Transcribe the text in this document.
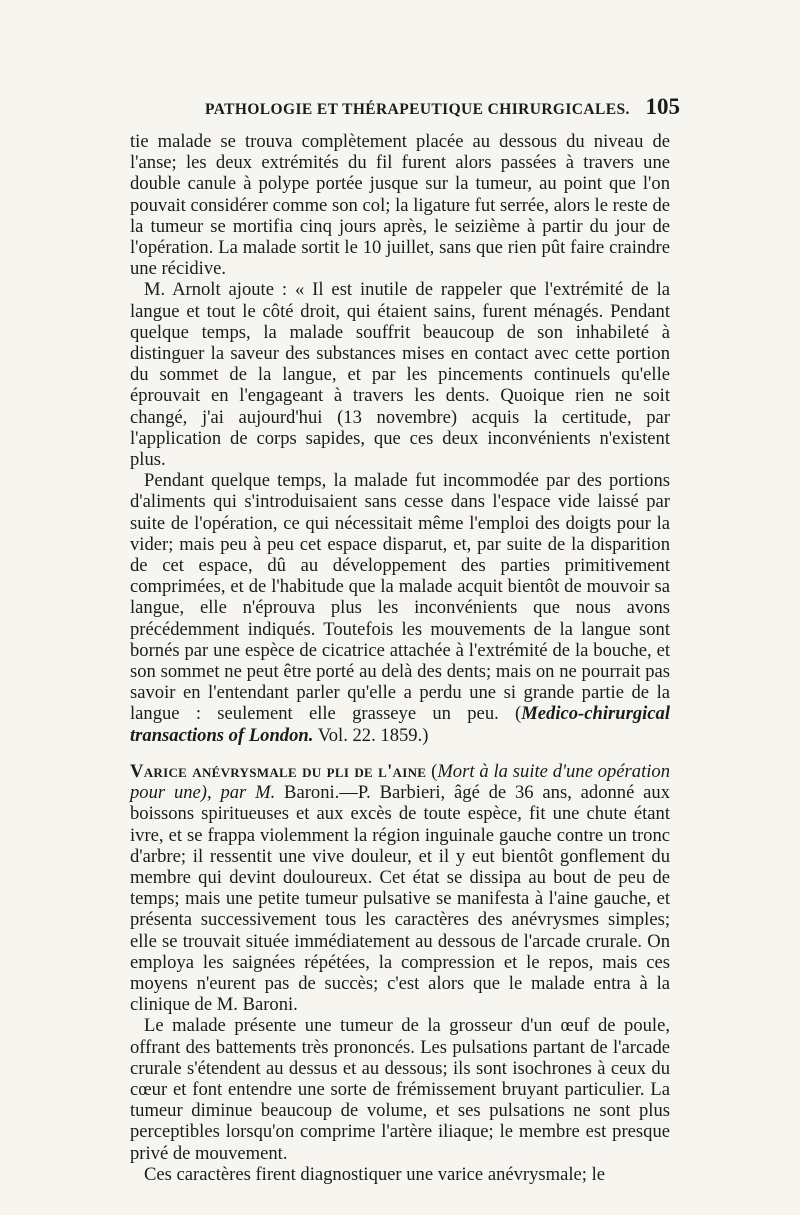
PATHOLOGIE ET THÉRAPEUTIQUE CHIRURGICALES. 105

tie malade se trouva complètement placée au dessous du niveau de l'anse; les deux extrémités du fil furent alors passées à travers une double canule à polype portée jusque sur la tumeur, au point que l'on pouvait considérer comme son col; la ligature fut serrée, alors le reste de la tumeur se mortifia cinq jours après, le seizième à partir du jour de l'opération. La malade sortit le 10 juillet, sans que rien pût faire craindre une récidive.

M. Arnolt ajoute : « Il est inutile de rappeler que l'extrémité de la langue et tout le côté droit, qui étaient sains, furent ménagés. Pendant quelque temps, la malade souffrit beaucoup de son inhabileté à distinguer la saveur des substances mises en contact avec cette portion du sommet de la langue, et par les pincements continuels qu'elle éprouvait en l'engageant à travers les dents. Quoique rien ne soit changé, j'ai aujourd'hui (13 novembre) acquis la certitude, par l'application de corps sapides, que ces deux inconvénients n'existent plus.

Pendant quelque temps, la malade fut incommodée par des portions d'aliments qui s'introduisaient sans cesse dans l'espace vide laissé par suite de l'opération, ce qui nécessitait même l'emploi des doigts pour la vider; mais peu à peu cet espace disparut, et, par suite de la disparition de cet espace, dû au développement des parties primitivement comprimées, et de l'habitude que la malade acquit bientôt de mouvoir sa langue, elle n'éprouva plus les inconvénients que nous avons précédemment indiqués. Toutefois les mouvements de la langue sont bornés par une espèce de cicatrice attachée à l'extrémité de la bouche, et son sommet ne peut être porté au delà des dents; mais on ne pourrait pas savoir en l'entendant parler qu'elle a perdu une si grande partie de la langue : seulement elle grasseye un peu. (Medico-chirurgical transactions of London. Vol. 22. 1859.)

Varice anévrysmale du pli de l'aine (Mort à la suite d'une opération pour une), par M. Baroni.—P. Barbieri, âgé de 36 ans, adonné aux boissons spiritueuses et aux excès de toute espèce, fit une chute étant ivre, et se frappa violemment la région inguinale gauche contre un tronc d'arbre; il ressentit une vive douleur, et il y eut bientôt gonflement du membre qui devint douloureux. Cet état se dissipa au bout de peu de temps; mais une petite tumeur pulsative se manifesta à l'aine gauche, et présenta successivement tous les caractères des anévrysmes simples; elle se trouvait située immédiatement au dessous de l'arcade crurale. On employa les saignées répétées, la compression et le repos, mais ces moyens n'eurent pas de succès; c'est alors que le malade entra à la clinique de M. Baroni.

Le malade présente une tumeur de la grosseur d'un œuf de poule, offrant des battements très prononcés. Les pulsations partant de l'arcade crurale s'étendent au dessus et au dessous; ils sont isochrones à ceux du cœur et font entendre une sorte de frémissement bruyant particulier. La tumeur diminue beaucoup de volume, et ses pulsations ne sont plus perceptibles lorsqu'on comprime l'artère iliaque; le membre est presque privé de mouvement.

Ces caractères firent diagnostiquer une varice anévrysmale; le
